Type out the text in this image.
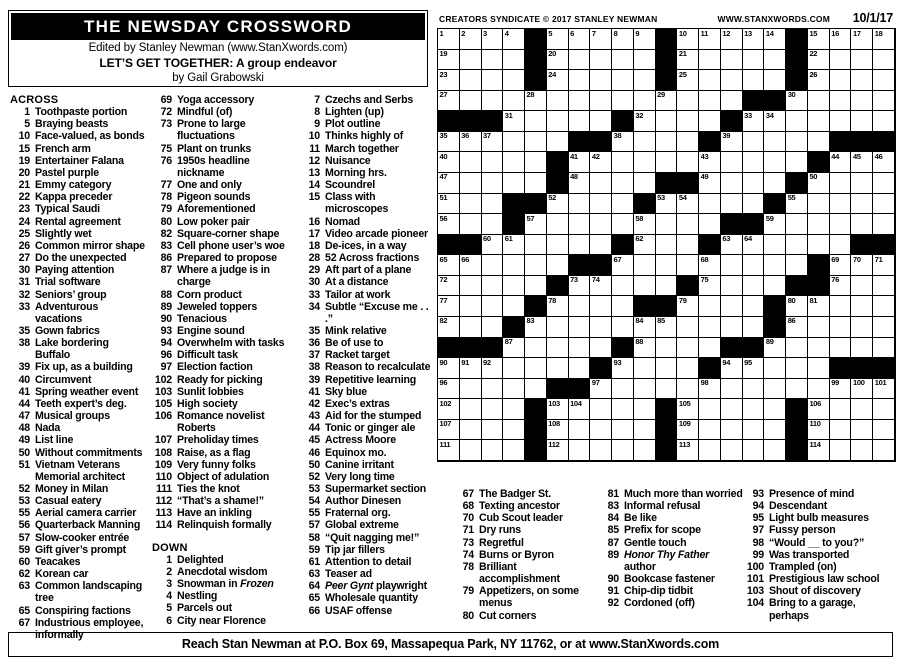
THE NEWSDAY CROSSWORD
Edited by Stanley Newman (www.StanXwords.com)
LET’S GET TOGETHER: A group endeavor
by Gail Grabowski
CREATORS SYNDICATE © 2017 STANLEY NEWMAN	WWW.STANXWORDS.COM 10/1/17
1 2 3 4	5 6 7 8 9	10 11 12 13 14	15 16 17 18
19	20	21	22
23	24	25	26
27	28	29	30
31	32	33 34
35 36 37	38	39
40	41 42	43	44 45 46
47	48	49	50
51	52	53 54	55
56	57	58	59
60 61	62	63 64
65 66	67	68	69 70 71
72	73 74	75	76
77	78	79	80 81
82	83	84 85	86
87	88	89
90 91 92	93	94 95
96	97	98	99 100 101
102	103 104	105	106
107	108	109	110
111	112	113	114
ACROSS
1 Toothpaste portion
5 Braying beasts
10 Face-valued, as bonds
15 French arm
19 Entertainer Falana
20 Pastel purple
21 Emmy category
22 Kappa preceder
23 Typical Saudi
24 Rental agreement
25 Slightly wet
26 Common mirror shape
27 Do the unexpected
30 Paying attention
31 Trial software
32 Seniors’ group
33 Adventurous vacations
35 Gown fabrics
38 Lake bordering Buffalo
39 Fix up, as a building
40 Circumvent
41 Spring weather event
44 Teeth expert’s deg.
47 Musical groups
48 Nada
49 List line
50 Without commitments
51 Vietnam Veterans Memorial architect
52 Money in Milan
53 Casual eatery
55 Aerial camera carrier
56 Quarterback Manning
57 Slow-cooker entrée
59 Gift giver’s prompt
60 Teacakes
62 Korean car
63 Common landscaping tree
65 Conspiring factions
67 Industrious employee, informally
69 Yoga accessory
72 Mindful (of)
73 Prone to large fluctuations
75 Plant on trunks
76 1950s headline nickname
77 One and only
78 Pigeon sounds
79 Aforementioned
80 Low poker pair
82 Square-corner shape
83 Cell phone user’s woe
86 Prepared to propose
87 Where a judge is in charge
88 Corn product
89 Jeweled toppers
90 Tenacious
93 Engine sound
94 Overwhelm with tasks
96 Difficult task
97 Election faction
102 Ready for picking
103 Sunlit lobbies
105 High society
106 Romance novelist Roberts
107 Preholiday times
108 Raise, as a flag
109 Very funny folks
110 Object of adulation
111 Ties the knot
112 “That’s a shame!”
113 Have an inkling
114 Relinquish formally
DOWN
1 Delighted
2 Anecdotal wisdom
3 Snowman in Frozen
4 Nestling
5 Parcels out
6 City near Florence
7 Czechs and Serbs
8 Lighten (up)
9 Plot outline
10 Thinks highly of
11 March together
12 Nuisance
13 Morning hrs.
14 Scoundrel
15 Class with microscopes
16 Nomad
17 Video arcade pioneer
18 De-ices, in a way
28 52 Across fractions
29 Aft part of a plane
30 At a distance
33 Tailor at work
34 Subtle “Excuse me . . .”
35 Mink relative
36 Be of use to
37 Racket target
38 Reason to recalculate
39 Repetitive learning
41 Sky blue
42 Exec’s extras
43 Aid for the stumped
44 Tonic or ginger ale
45 Actress Moore
46 Equinox mo.
50 Canine irritant
52 Very long time
53 Supermarket section
54 Author Dinesen
55 Fraternal org.
57 Global extreme
58 “Quit nagging me!”
59 Tip jar fillers
61 Attention to detail
63 Teaser ad
64 Peer Gynt playwright
65 Wholesale quantity
66 USAF offense
67 The Badger St.
68 Texting ancestor
70 Cub Scout leader
71 Dry runs
73 Regretful
74 Burns or Byron
78 Brilliant accomplishment
79 Appetizers, on some menus
80 Cut corners
81 Much more than worried
83 Informal refusal
84 Be like
85 Prefix for scope
87 Gentle touch
89 Honor Thy Father author
90 Bookcase fastener
91 Chip-dip tidbit
92 Cordoned (off)
93 Presence of mind
94 Descendant
95 Light bulb measures
97 Fussy person
98 “Would __ to you?”
99 Was transported
100 Trampled (on)
101 Prestigious law school
103 Shout of discovery
104 Bring to a garage, perhaps
Reach Stan Newman at P.O. Box 69, Massapequa Park, NY 11762, or at www.StanXwords.com
